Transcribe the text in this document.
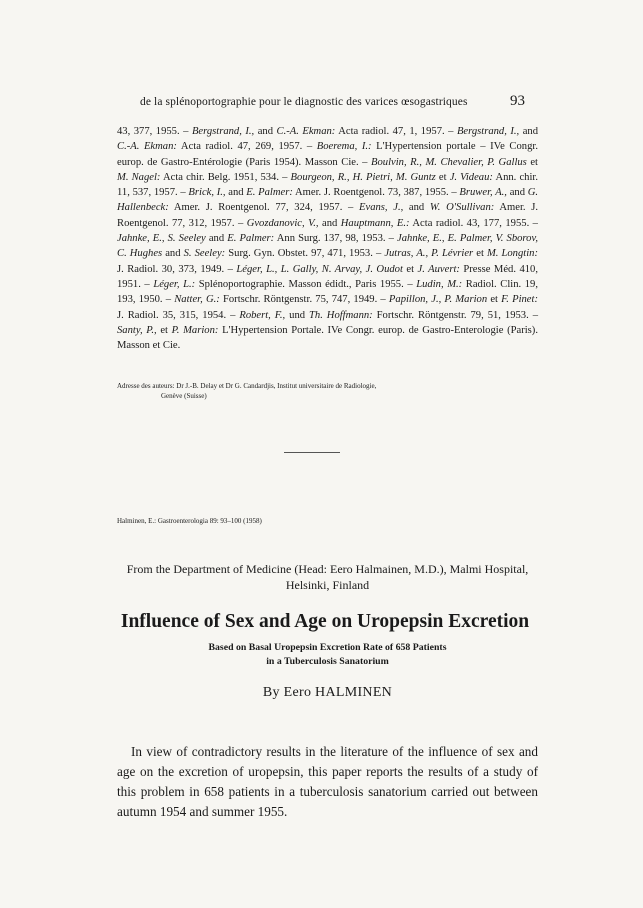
de la splénoportographie pour le diagnostic des varices œsogastriques	93
43, 377, 1955. – Bergstrand, I., and C.-A. Ekman: Acta radiol. 47, 1, 1957. – Bergstrand, I., and C.-A. Ekman: Acta radiol. 47, 269, 1957. – Boerema, I.: L'Hypertension portale – IVe Congr. europ. de Gastro-Entérologie (Paris 1954). Masson Cie. – Boulvin, R., M. Chevalier, P. Gallus et M. Nagel: Acta chir. Belg. 1951, 534. – Bourgeon, R., H. Pietri, M. Guntz et J. Videau: Ann. chir. 11, 537, 1957. – Brick, I., and E. Palmer: Amer. J. Roentgenol. 73, 387, 1955. – Bruwer, A., and G. Hallenbeck: Amer. J. Roentgenol. 77, 324, 1957. – Evans, J., and W. O'Sullivan: Amer. J. Roentgenol. 77, 312, 1957. – Gvozdanovic, V., and Hauptmann, E.: Acta radiol. 43, 177, 1955. – Jahnke, E., S. Seeley and E. Palmer: Ann Surg. 137, 98, 1953. – Jahnke, E., E. Palmer, V. Sborov, C. Hughes and S. Seeley: Surg. Gyn. Obstet. 97, 471, 1953. – Jutras, A., P. Lévrier et M. Longtin: J. Radiol. 30, 373, 1949. – Léger, L., L. Gally, N. Arvay, J. Oudot et J. Auvert: Presse Méd. 410, 1951. – Léger, L.: Splénoportographie. Masson édidt., Paris 1955. – Ludin, M.: Radiol. Clin. 19, 193, 1950. – Natter, G.: Fortschr. Röntgenstr. 75, 747, 1949. – Papillon, J., P. Marion et F. Pinet: J. Radiol. 35, 315, 1954. – Robert, F., und Th. Hoffmann: Fortschr. Röntgenstr. 79, 51, 1953. – Santy, P., et P. Marion: L'Hypertension Portale. IVe Congr. europ. de Gastro-Enterologie (Paris). Masson et Cie.
Adresse des auteurs: Dr J.-B. Delay et Dr G. Candardjis, Institut universitaire de Radiologie,
Genève (Suisse)
Halminen, E.: Gastroenterologia 89: 93–100 (1958)
From the Department of Medicine (Head: Eero Halmainen, M.D.), Malmi Hospital,
Helsinki, Finland
Influence of Sex and Age on Uropepsin Excretion
Based on Basal Uropepsin Excretion Rate of 658 Patients
in a Tuberculosis Sanatorium
By Eero HALMINEN
In view of contradictory results in the literature of the influence of sex and age on the excretion of uropepsin, this paper reports the results of a study of this problem in 658 patients in a tuberculosis sanatorium carried out between autumn 1954 and summer 1955.
